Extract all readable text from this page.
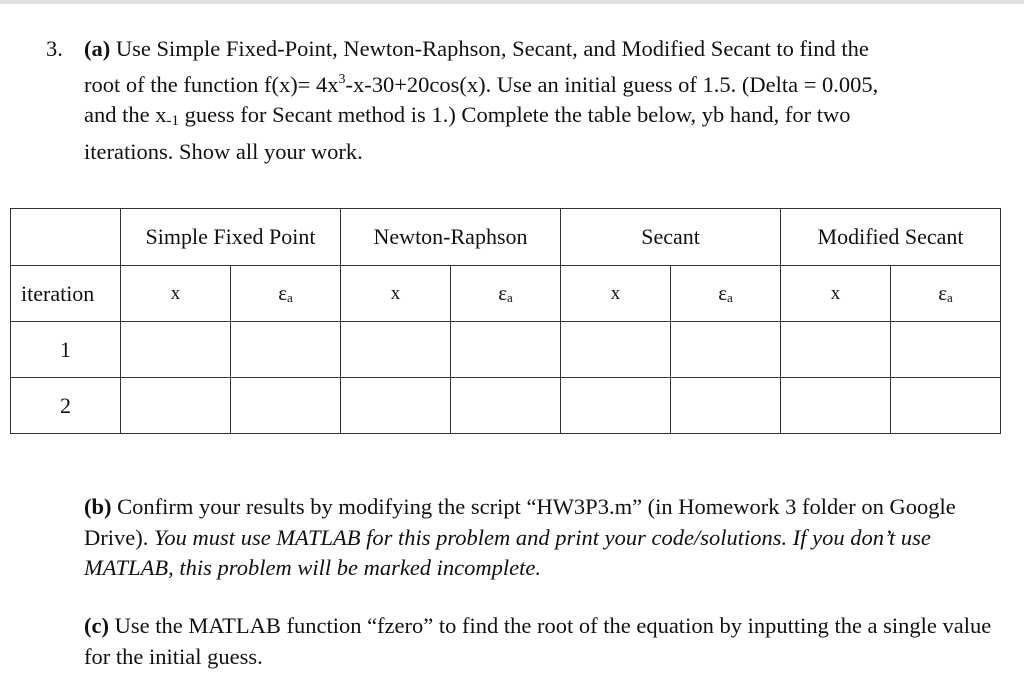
3. (a) Use Simple Fixed-Point, Newton-Raphson, Secant, and Modified Secant to find the
root of the function $f(x)= 4x^3-x-30+20\cos(x)$. Use an initial guess of 1.5. (Delta = 0.005,
and the $x_{-1}$ guess for Secant method is 1.) Complete the table below, yb hand, for two
iterations. Show all your work.
	Simple Fixed Point		Newton-Raphson		Secant		Modified Secant	
iteration	x	εa	x	εa	x	εa	x	εa
1								
2								
(b) Confirm your results by modifying the script “HW3P3.m” (in Homework 3 folder on Google Drive). You must use MATLAB for this problem and print your code/solutions. If you don’t use MATLAB, this problem will be marked incomplete.
(c) Use the MATLAB function “fzero” to find the root of the equation by inputting the a single value for the initial guess.
